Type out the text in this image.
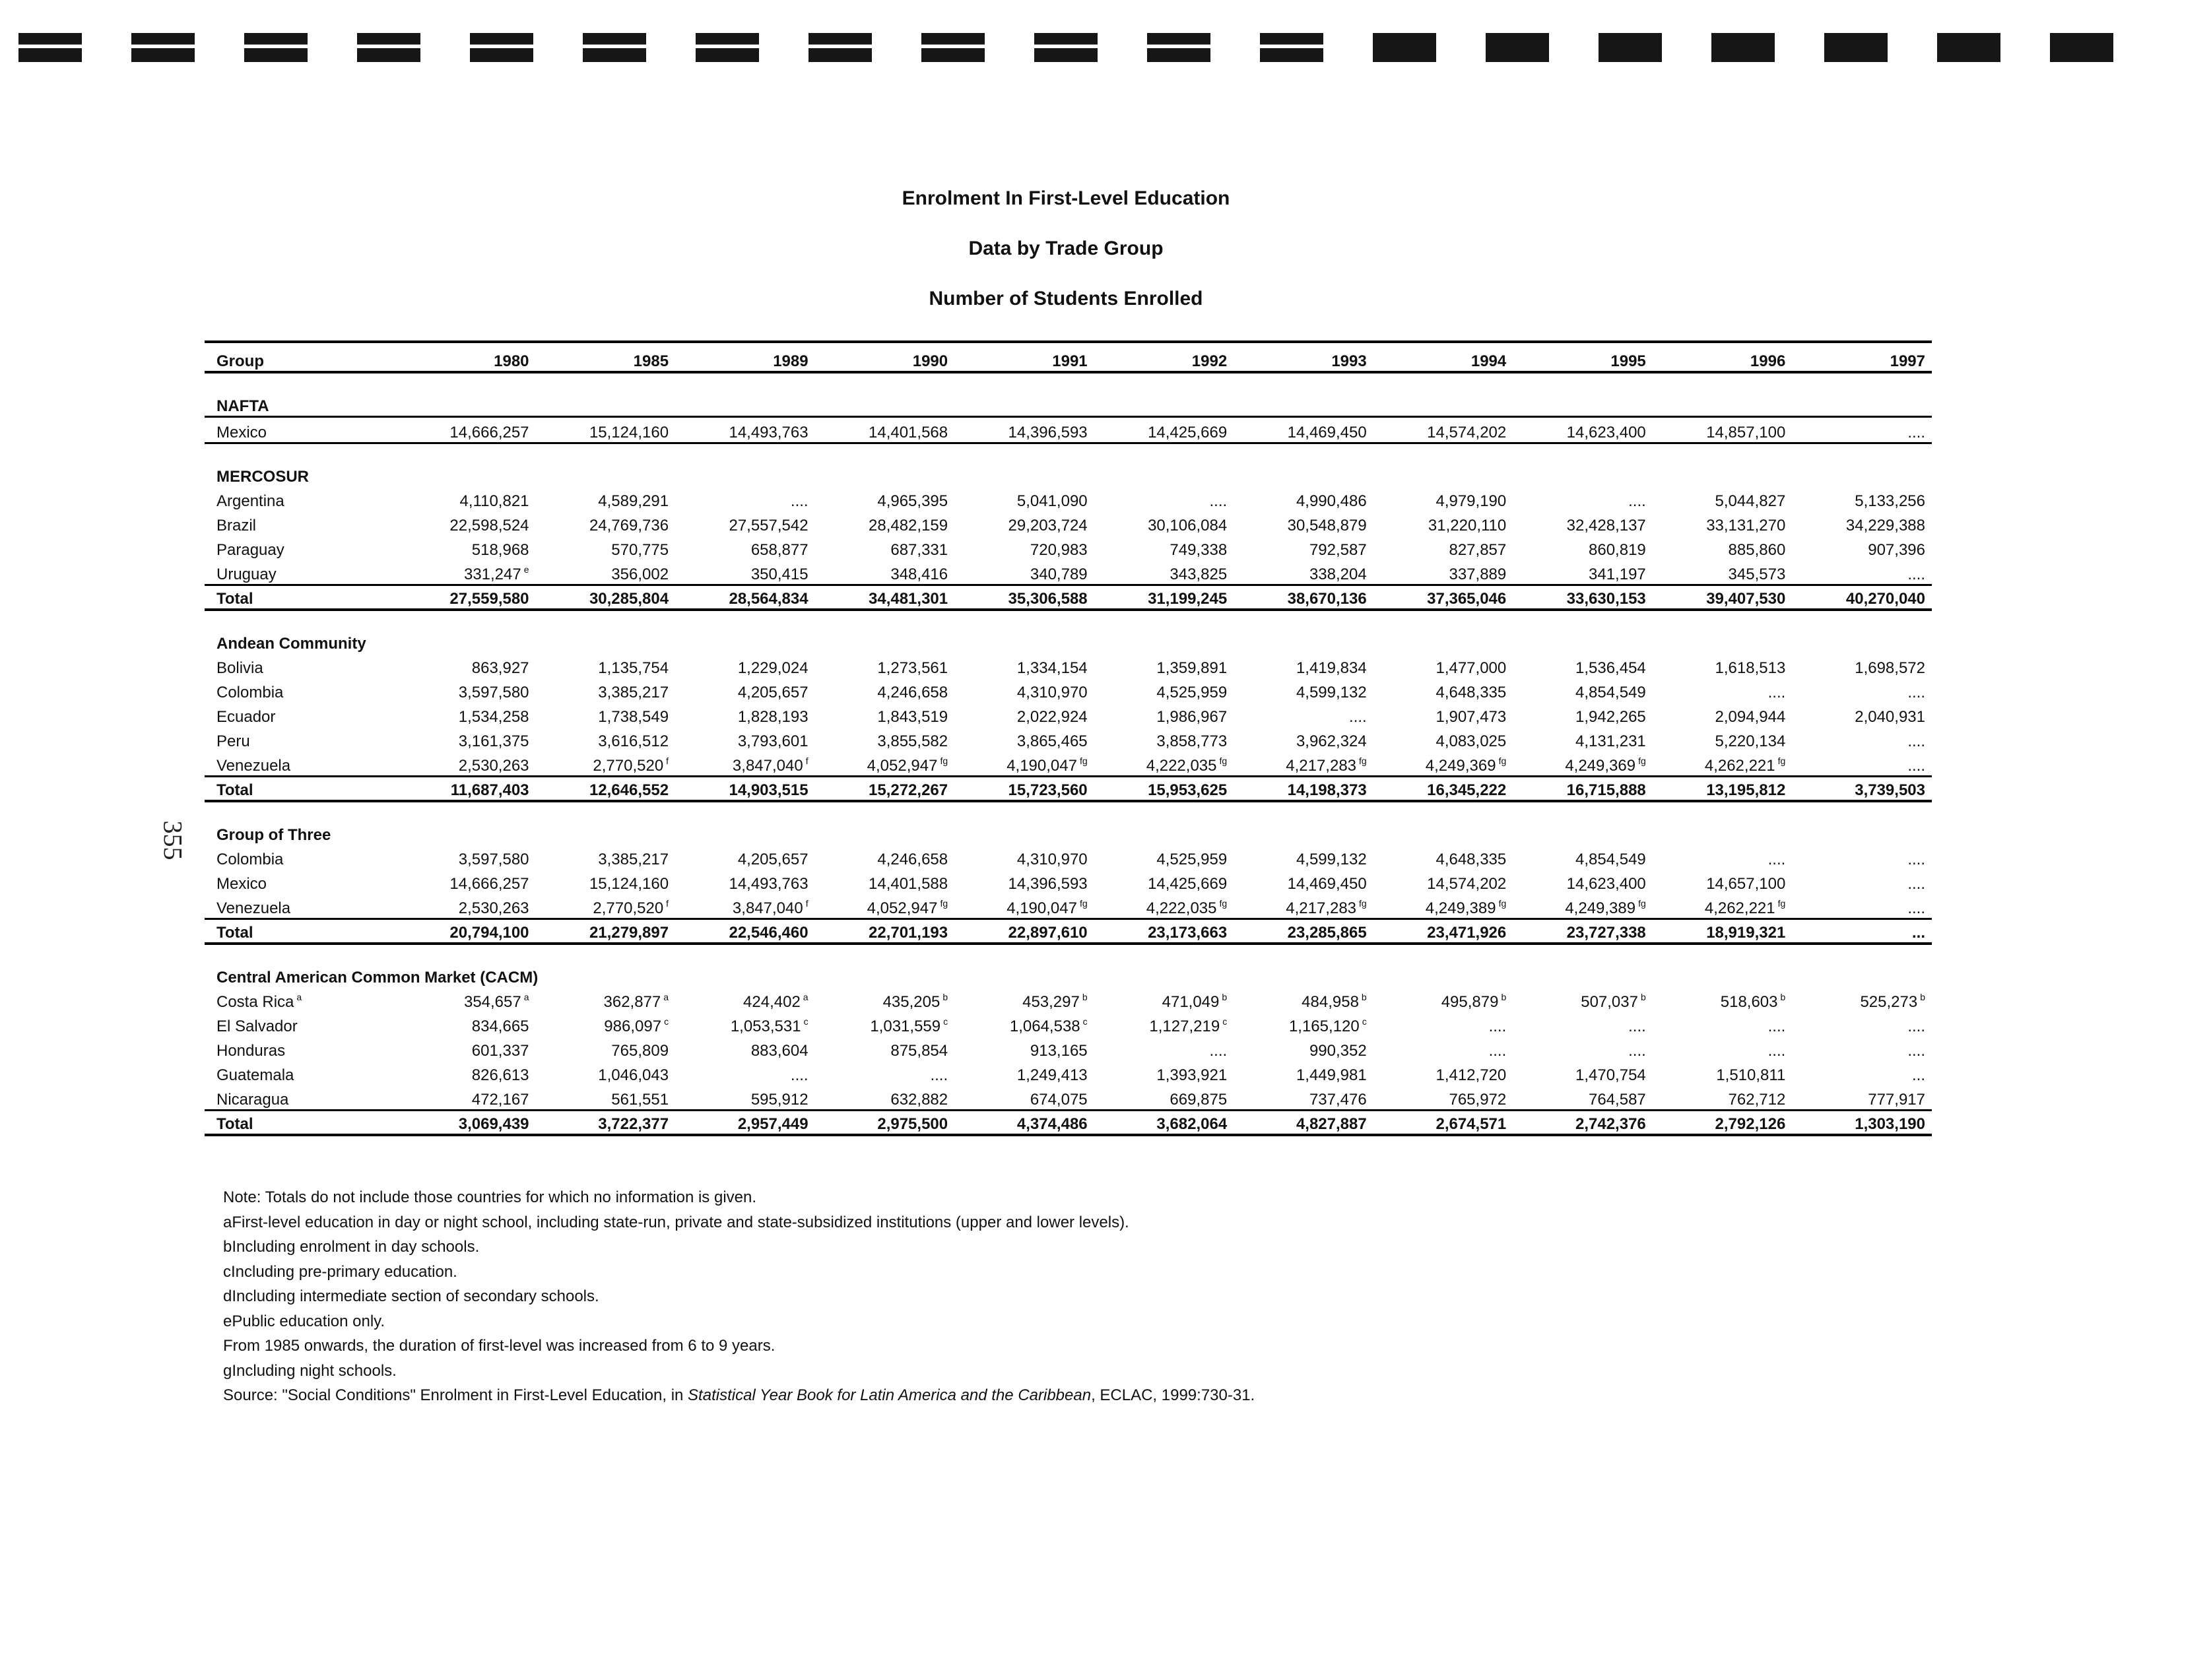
355
Enrolment In First-Level Education
Data by Trade Group
Number of Students Enrolled
Group	1980	1985	1989	1990	1991	1992	1993	1994	1995	1996	1997

NAFTA											
Mexico	14,666,257	15,124,160	14,493,763	14,401,568	14,396,593	14,425,669	14,469,450	14,574,202	14,623,400	14,857,100	....

MERCOSUR											
Argentina	4,110,821	4,589,291	....	4,965,395	5,041,090	....	4,990,486	4,979,190	....	5,044,827	5,133,256
Brazil	22,598,524	24,769,736	27,557,542	28,482,159	29,203,724	30,106,084	30,548,879	31,220,110	32,428,137	33,131,270	34,229,388
Paraguay	518,968	570,775	658,877	687,331	720,983	749,338	792,587	827,857	860,819	885,860	907,396
Uruguay	331,247 $^e$	356,002	350,415	348,416	340,789	343,825	338,204	337,889	341,197	345,573	....
Total	27,559,580	30,285,804	28,564,834	34,481,301	35,306,588	31,199,245	38,670,136	37,365,046	33,630,153	39,407,530	40,270,040

Andean Community											
Bolivia	863,927	1,135,754	1,229,024	1,273,561	1,334,154	1,359,891	1,419,834	1,477,000	1,536,454	1,618,513	1,698,572
Colombia	3,597,580	3,385,217	4,205,657	4,246,658	4,310,970	4,525,959	4,599,132	4,648,335	4,854,549	....	....
Ecuador	1,534,258	1,738,549	1,828,193	1,843,519	2,022,924	1,986,967	....	1,907,473	1,942,265	2,094,944	2,040,931
Peru	3,161,375	3,616,512	3,793,601	3,855,582	3,865,465	3,858,773	3,962,324	4,083,025	4,131,231	5,220,134	....
Venezuela	2,530,263	2,770,520 $^f$	3,847,040 $^f$	4,052,947 $^{fg}$	4,190,047 $^{fg}$	4,222,035 $^{fg}$	4,217,283 $^{fg}$	4,249,369 $^{fg}$	4,249,369 $^{fg}$	4,262,221 $^{fg}$	....
Total	11,687,403	12,646,552	14,903,515	15,272,267	15,723,560	15,953,625	14,198,373	16,345,222	16,715,888	13,195,812	3,739,503

Group of Three											
Colombia	3,597,580	3,385,217	4,205,657	4,246,658	4,310,970	4,525,959	4,599,132	4,648,335	4,854,549	....	....
Mexico	14,666,257	15,124,160	14,493,763	14,401,588	14,396,593	14,425,669	14,469,450	14,574,202	14,623,400	14,657,100	....
Venezuela	2,530,263	2,770,520 $^f$	3,847,040 $^f$	4,052,947 $^{fg}$	4,190,047 $^{fg}$	4,222,035 $^{fg}$	4,217,283 $^{fg}$	4,249,389 $^{fg}$	4,249,389 $^{fg}$	4,262,221 $^{fg}$	....
Total	20,794,100	21,279,897	22,546,460	22,701,193	22,897,610	23,173,663	23,285,865	23,471,926	23,727,338	18,919,321	...

Central American Common Market (CACM)											
Costa Rica $^a$	354,657 $^a$	362,877 $^a$	424,402 $^a$	435,205 $^b$	453,297 $^b$	471,049 $^b$	484,958 $^b$	495,879 $^b$	507,037 $^b$	518,603 $^b$	525,273 $^b$
El Salvador	834,665	986,097 $^c$	1,053,531 $^c$	1,031,559 $^c$	1,064,538 $^c$	1,127,219 $^c$	1,165,120 $^c$	....	....	....	....
Honduras	601,337	765,809	883,604	875,854	913,165	....	990,352	....	....	....	....
Guatemala	826,613	1,046,043	....	....	1,249,413	1,393,921	1,449,981	1,412,720	1,470,754	1,510,811	...
Nicaragua	472,167	561,551	595,912	632,882	674,075	669,875	737,476	765,972	764,587	762,712	777,917
Total	3,069,439	3,722,377	2,957,449	2,975,500	4,374,486	3,682,064	4,827,887	2,674,571	2,742,376	2,792,126	1,303,190
Note: Totals do not include those countries for which no information is given.
aFirst-level education in day or night school, including state-run, private and state-subsidized institutions (upper and lower levels).
bIncluding enrolment in day schools.
cIncluding pre-primary education.
dIncluding intermediate section of secondary schools.
ePublic education only.
From 1985 onwards, the duration of first-level was increased from 6 to 9 years.
gIncluding night schools.
Source: "Social Conditions" Enrolment in First-Level Education, in Statistical Year Book for Latin America and the Caribbean, ECLAC, 1999:730-31.
